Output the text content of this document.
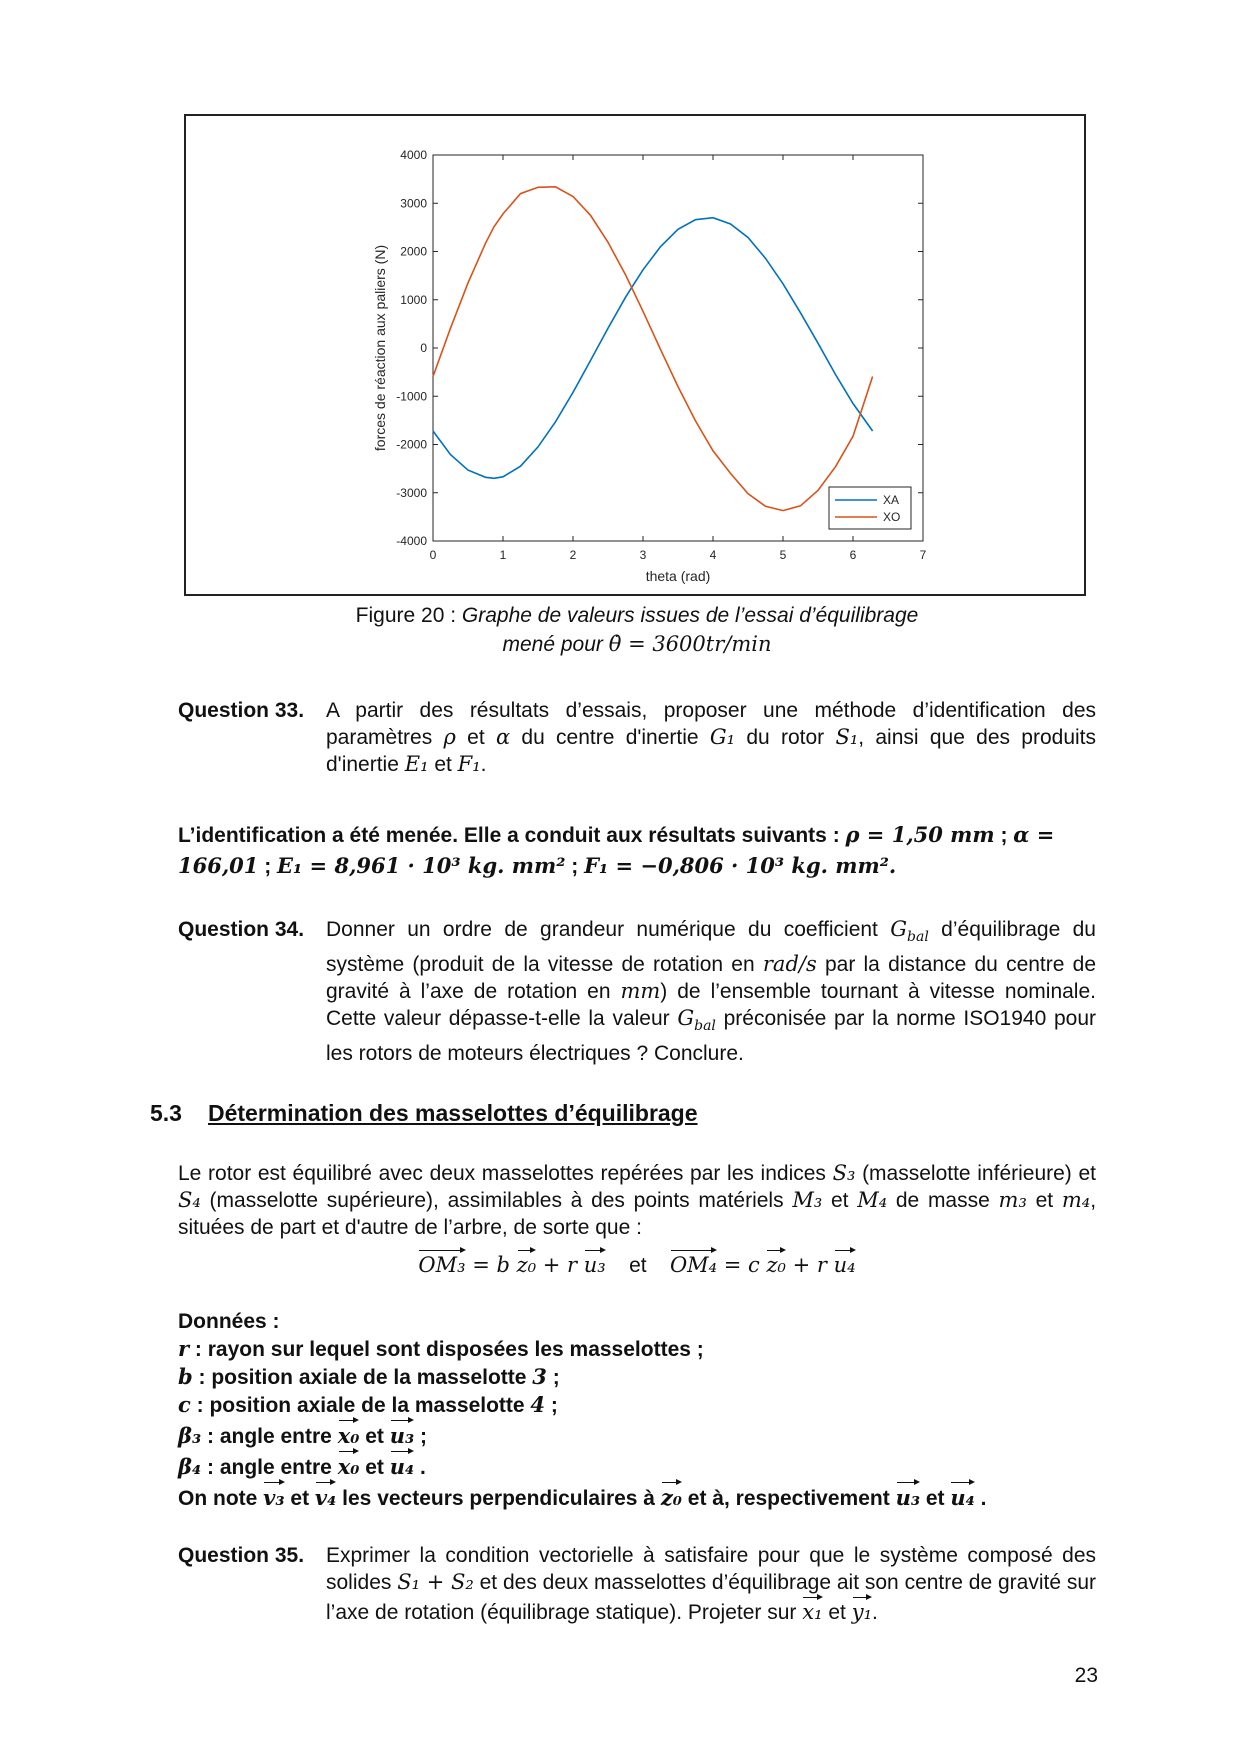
4000
3000
2000
1000
0
-1000
-2000
-3000
-4000
0	1	2	3	4	5	6	7
theta (rad)
forces de réaction aux paliers (N)
XA
XO
Figure 20 : Graphe de valeurs issues de l’essai d’équilibrage
mené pour θ̇ = 3600tr/min
Question 33. A partir des résultats d’essais, proposer une méthode d’identification des paramètres ρ et α du centre d'inertie G₁ du rotor S₁, ainsi que des produits d'inertie E₁ et F₁.
L’identification a été menée. Elle a conduit aux résultats suivants : ρ = 1,50 mm ; α = 166,01 ; E₁ = 8,961 · 10³ kg. mm² ; F₁ = −0,806 · 10³ kg. mm².
Question 34. Donner un ordre de grandeur numérique du coefficient $G_{bal}$ d’équilibrage du système (produit de la vitesse de rotation en rad/s par la distance du centre de gravité à l’axe de rotation en mm) de l’ensemble tournant à vitesse nominale. Cette valeur dépasse-t-elle la valeur $G_{bal}$ préconisée par la norme ISO1940 pour les rotors de moteurs électriques ? Conclure.
5.3 Détermination des masselottes d’équilibrage
Le rotor est équilibré avec deux masselottes repérées par les indices S₃ (masselotte inférieure) et S₄ (masselotte supérieure), assimilables à des points matériels M₃ et M₄ de masse m₃ et m₄, situées de part et d'autre de l’arbre, de sorte que :
OM₃ = b z₀ + r u₃ et OM₄ = c z₀ + r u₄
Données :
r : rayon sur lequel sont disposées les masselottes ;
b : position axiale de la masselotte 3 ;
c : position axiale de la masselotte 4 ;
β₃ : angle entre x₀ et u₃ ;
β₄ : angle entre x₀ et u₄ .
On note v₃ et v₄ les vecteurs perpendiculaires à z₀ et à, respectivement u₃ et u₄ .
Question 35. Exprimer la condition vectorielle à satisfaire pour que le système composé des solides S₁ + S₂ et des deux masselottes d’équilibrage ait son centre de gravité sur l’axe de rotation (équilibrage statique). Projeter sur x₁ et y₁.
23
